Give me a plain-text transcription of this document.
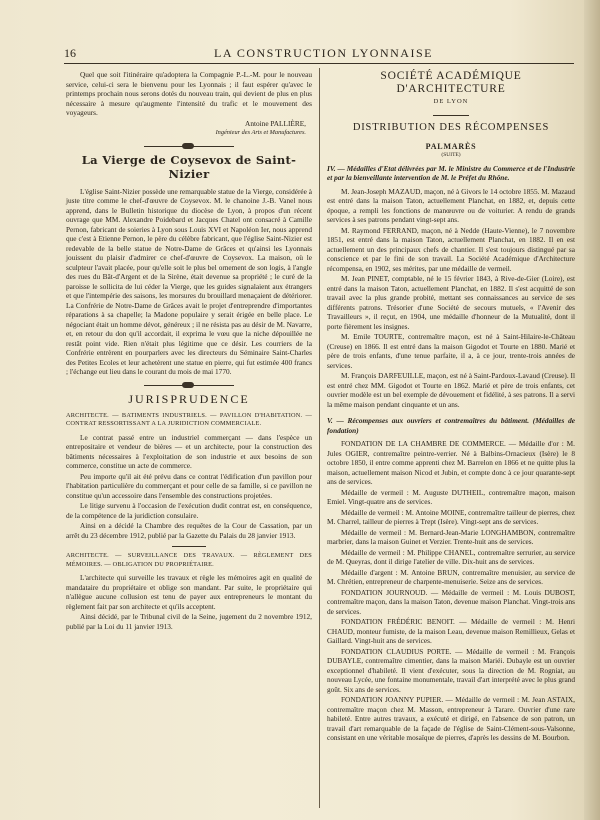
16	LA CONSTRUCTION LYONNAISE

Quel que soit l'itinéraire qu'adoptera la Compagnie P.-L.-M. pour le nouveau service, celui-ci sera le bienvenu pour les Lyonnais ; il faut espérer qu'avec le printemps prochain nous serons dotés du nouveau train, qui devient de plus en plus nécessaire à mesure qu'augmente l'intensité du trafic et le mouvement des voyageurs.

Antoine PALLIÈRE,
Ingénieur des Arts et Manufactures.
La Vierge de Coysevox de Saint-Nizier

L'église Saint-Nizier possède une remarquable statue de la Vierge, considérée à juste titre comme le chef-d'œuvre de Coysevox. M. le chanoine J.-B. Vanel nous apprend, dans le Bulletin historique du diocèse de Lyon, à propos d'un récent ouvrage que MM. Alexandre Poidebard et Jacques Chatel ont consacré à Camille Pernon, fabricant de soieries à Lyon sous Louis XVI et Napoléon Ier, nous apprend que c'est à Etienne Pernon, le père du célèbre fabricant, que l'église Saint-Nizier est redevable de la belle statue de Notre-Dame de Grâces et qu'ainsi les Lyonnais jouissent du plaisir d'admirer ce chef-d'œuvre de Coysevox. La maison, où le sculpteur l'avait placée, pour qu'elle soit le plus bel ornement de son logis, à l'angle des rues du Bât-d'Argent et de la Sirène, était devenue sa propriété ; le curé de la paroisse le sollicita de lui céder la Vierge, que les guides signalaient aux étrangers et que l'intempérie des saisons, les morsures du brouillard menaçaient de détériorer. La Confrérie de Notre-Dame de Grâces avait le projet d'entreprendre d'importantes réparations à sa chapelle; la Madone populaire y serait érigée en belle place. Le négociant était un homme dévot, généreux ; il ne résista pas au désir de M. Navarre, et, en retour du don qu'il accordait, il exprima le vœu que la niche dépouillée ne restât point vide. Rien n'était plus légitime que ce désir. Les courriers de la Confrérie entrèrent en pourparlers avec les directeurs du Séminaire Saint-Charles des Petites Ecoles et leur achetèrent une statue en pierre, qui fut estimée 400 francs ; l'échange eut lieu dans le courant du mois de mai 1770.

JURISPRUDENCE
ARCHITECTE. — BATIMENTS INDUSTRIELS. — PAVILLON D'HABITATION. — CONTRAT RESSORTISSANT A LA JURIDICTION COMMERCIALE.

Le contrat passé entre un industriel commerçant — dans l'espèce un entrepositaire et vendeur de bières — et un architecte, pour la construction des bâtiments nécessaires à l'exploitation de son industrie et aux besoins de son commerce, constitue un acte de commerce.

Peu importe qu'il ait été prévu dans ce contrat l'édification d'un pavillon pour l'habitation particulière du commerçant et pour celle de sa famille, si ce pavillon ne constitue qu'un accessoire dans l'ensemble des constructions projetées.

Le litige survenu à l'occasion de l'exécution dudit contrat est, en conséquence, de la compétence de la juridiction consulaire.

Ainsi en a décidé la Chambre des requêtes de la Cour de Cassation, par un arrêt du 23 décembre 1912, publié par la Gazette du Palais du 28 janvier 1913.

ARCHITECTE. — SURVEILLANCE DES TRAVAUX. — RÈGLEMENT DES MÉMOIRES. — OBLIGATION DU PROPRIÉTAIRE.

L'architecte qui surveille les travaux et règle les mémoires agit en qualité de mandataire du propriétaire et oblige son mandant. Par suite, le propriétaire qui n'allègue aucune collusion est tenu de payer aux entrepreneurs le montant du règlement fait par son architecte et qu'ils acceptent.

Ainsi décidé, par le Tribunal civil de la Seine, jugement du 2 novembre 1912, publié par la Loi du 11 janvier 1913.

SOCIÉTÉ ACADÉMIQUE D'ARCHITECTURE
DE LYON
DISTRIBUTION DES RÉCOMPENSES
PALMARÈS
(SUITE)

IV. — Médailles d'Etat délivrées par M. le Ministre du Commerce et de l'Industrie et par la bienveillante intervention de M. le Préfet du Rhône.

M. Jean-Joseph MAZAUD, maçon, né à Givors le 14 octobre 1855. M. Mazaud est entré dans la maison Taton, actuellement Planchat, en 1882, et, depuis cette époque, a rempli les fonctions de manœuvre ou de voiturier. A rendu de grands services à ses patrons pendant vingt-sept ans.

M. Raymond FERRAND, maçon, né à Nedde (Haute-Vienne), le 7 novembre 1851, est entré dans la maison Taton, actuellement Planchat, en 1882. Il en est actuellement un des principaux chefs de chantier. Il s'est toujours distingué par sa conscience et par le fini de son travail. La Société Académique d'Architecture récompensa, en 1902, ses mérites, par une médaille de vermeil.

M. Jean PINET, comptable, né le 15 février 1843, à Rive-de-Gier (Loire), est entré dans la maison Taton, actuellement Planchat, en 1882. Il s'est acquitté de son travail avec la plus grande probité, mettant ses connaissances au service de ses différents patrons. Trésorier d'une Société de secours mutuels, « l'Avenir des Travailleurs », il reçut, en 1904, une médaille d'honneur de la Mutualité, dont il porte fièrement les insignes.

M. Emile TOURTE, contremaître maçon, est né à Saint-Hilaire-le-Château (Creuse) en 1866. Il est entré dans la maison Gigodot et Tourte en 1880. Marié et père de trois enfants, d'une tenue parfaite, il a, à ce jour, trente-trois années de services.

M. François DARFEUILLE, maçon, est né à Saint-Pardoux-Lavaud (Creuse). Il est entré chez MM. Gigodot et Tourte en 1862. Marié et père de trois enfants, cet ouvrier modèle est un bel exemple de dévouement et fidélité, à ses patrons. Il a servi la même maison pendant cinquante et un ans.

V. — Récompenses aux ouvriers et contremaîtres du bâtiment. (Médailles de fondation)

FONDATION DE LA CHAMBRE DE COMMERCE. — Médaille d'or : M. Jules OGIER, contremaître peintre-verrier. Né à Balbins-Ornacieux (Isère) le 8 octobre 1850, il entre comme apprenti chez M. Barrelon en 1866 et ne quitte plus la maison, actuellement maison Nicod et Jubin, et compte donc à ce jour quarante-sept ans de services.

Médaille de vermeil : M. Auguste DUTHEIL, contremaître maçon, maison Emiel. Vingt-quatre ans de services.

Médaille de vermeil : M. Antoine MOINE, contremaître tailleur de pierres, chez M. Charrel, tailleur de pierres à Trept (Isère). Vingt-sept ans de services.

Médaille de vermeil : M. Bernard-Jean-Marie LONGHAMBON, contremaître marbrier, dans la maison Guinet et Verzier. Trente-huit ans de services.

Médaille de vermeil : M. Philippe CHANEL, contremaître serrurier, au service de M. Queyras, dont il dirige l'atelier de ville. Dix-huit ans de services.

Médaille d'argent : M. Antoine BRUN, contremaître menuisier, au service de M. Chrétien, entrepreneur de charpente-menuiserie. Seize ans de services.

FONDATION JOURNOUD. — Médaille de vermeil : M. Louis DUBOST, contremaître maçon, dans la maison Taton, devenue maison Planchat. Vingt-trois ans de services.

FONDATION FRÉDÉRIC BENOIT. — Médaille de vermeil : M. Henri CHAUD, monteur fumiste, de la maison Leau, devenue maison Remillieux, Gelas et Gaillard. Vingt-huit ans de services.

FONDATION CLAUDIUS PORTE. — Médaille de vermeil : M. François DUBAYLE, contremaître cimentier, dans la maison Mariéi. Dubayle est un ouvrier exceptionnel d'habileté. Il vient d'exécuter, sous la direction de M. Rogniat, au nouveau Lycée, une fontaine monumentale, travail d'art interprété avec le plus grand goût. Six ans de services.

FONDATION JOANNY PUPIER. — Médaille de vermeil : M. Jean ASTAIX, contremaître maçon chez M. Masson, entrepreneur à Tarare. Ouvrier d'une rare habileté. Entre autres travaux, a exécuté et dirigé, en l'absence de son patron, un travail d'art remarquable de la façade de l'église de Saint-Clément-sous-Valsonne, consistant en une véritable mosaïque de pierres, d'après les dessins de M. Bourbon.
